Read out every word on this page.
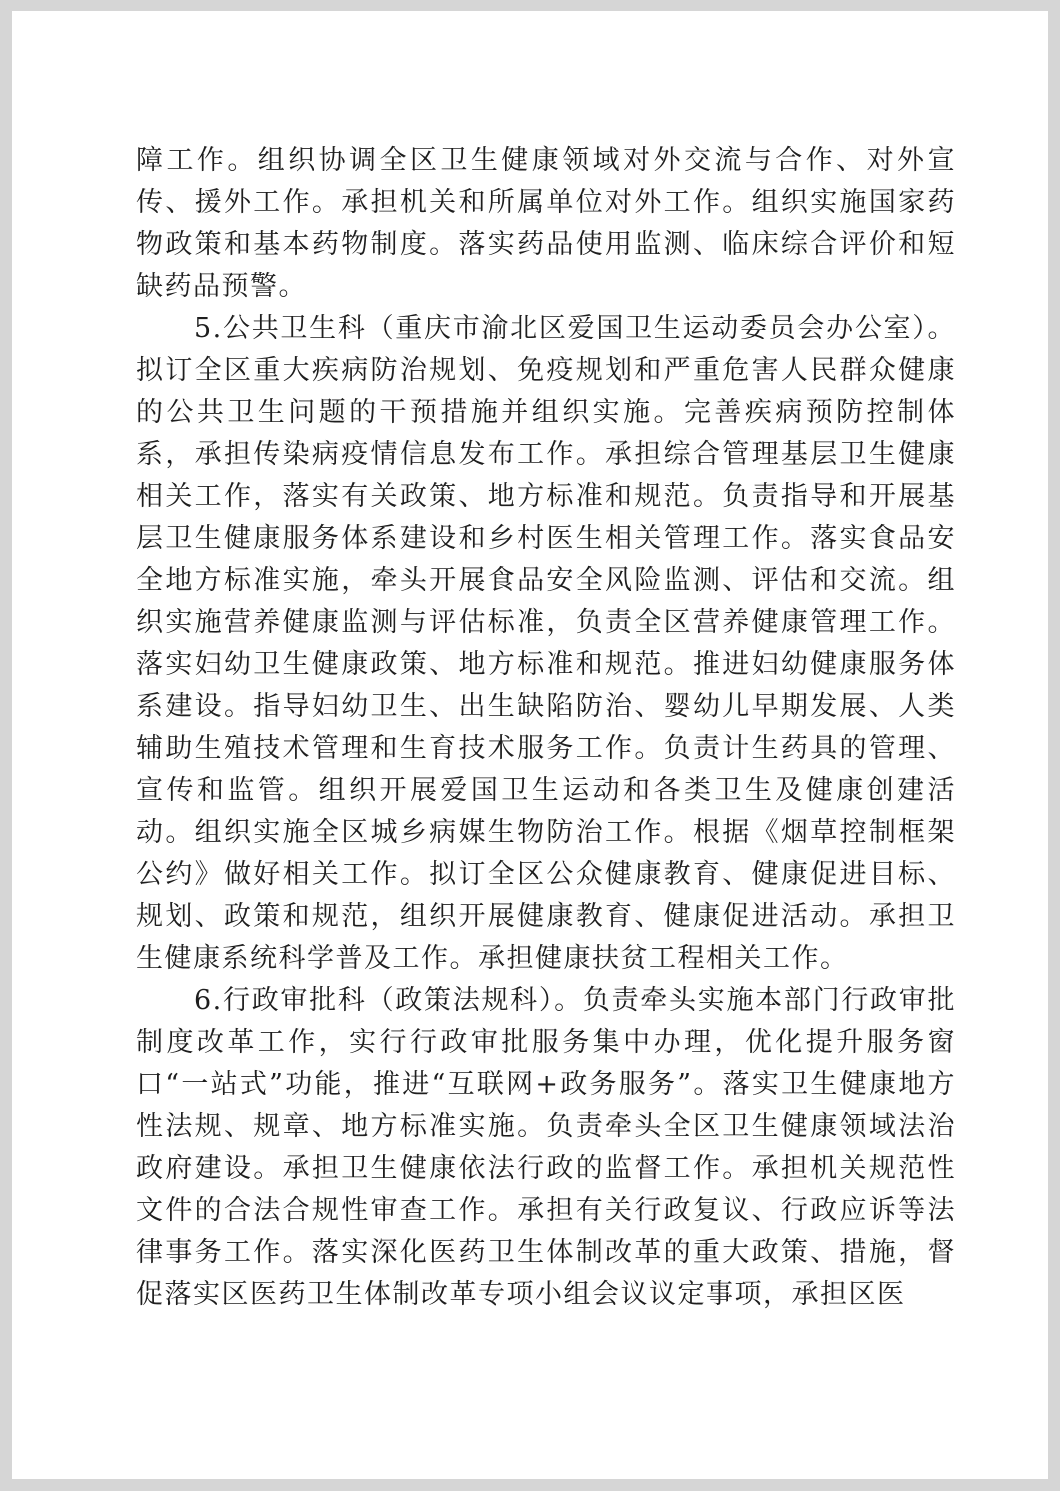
障工作。组织协调全区卫生健康领域对外交流与合作、对外宣传、援外工作。承担机关和所属单位对外工作。组织实施国家药物政策和基本药物制度。落实药品使用监测、临床综合评价和短缺药品预警。

5.公共卫生科（重庆市渝北区爱国卫生运动委员会办公室）。拟订全区重大疾病防治规划、免疫规划和严重危害人民群众健康的公共卫生问题的干预措施并组织实施。完善疾病预防控制体系，承担传染病疫情信息发布工作。承担综合管理基层卫生健康相关工作，落实有关政策、地方标准和规范。负责指导和开展基层卫生健康服务体系建设和乡村医生相关管理工作。落实食品安全地方标准实施，牵头开展食品安全风险监测、评估和交流。组织实施营养健康监测与评估标准，负责全区营养健康管理工作。落实妇幼卫生健康政策、地方标准和规范。推进妇幼健康服务体系建设。指导妇幼卫生、出生缺陷防治、婴幼儿早期发展、人类辅助生殖技术管理和生育技术服务工作。负责计生药具的管理、宣传和监管。组织开展爱国卫生运动和各类卫生及健康创建活动。组织实施全区城乡病媒生物防治工作。根据《烟草控制框架公约》做好相关工作。拟订全区公众健康教育、健康促进目标、规划、政策和规范，组织开展健康教育、健康促进活动。承担卫生健康系统科学普及工作。承担健康扶贫工程相关工作。

6.行政审批科（政策法规科）。负责牵头实施本部门行政审批制度改革工作，实行行政审批服务集中办理，优化提升服务窗口“一站式”功能，推进“互联网+政务服务”。落实卫生健康地方性法规、规章、地方标准实施。负责牵头全区卫生健康领域法治政府建设。承担卫生健康依法行政的监督工作。承担机关规范性文件的合法合规性审查工作。承担有关行政复议、行政应诉等法律事务工作。落实深化医药卫生体制改革的重大政策、措施，督促落实区医药卫生体制改革专项小组会议议定事项，承担区医
